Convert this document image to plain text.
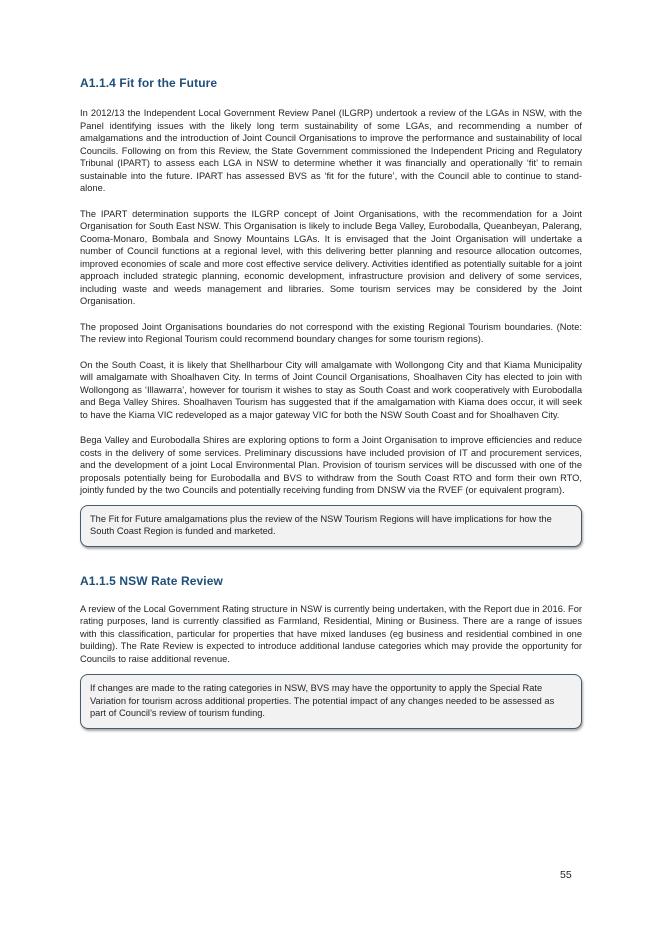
A1.1.4 Fit for the Future

In 2012/13 the Independent Local Government Review Panel (ILGRP) undertook a review of the LGAs in NSW, with the Panel identifying issues with the likely long term sustainability of some LGAs, and recommending a number of amalgamations and the introduction of Joint Council Organisations to improve the performance and sustainability of local Councils. Following on from this Review, the State Government commissioned the Independent Pricing and Regulatory Tribunal (IPART) to assess each LGA in NSW to determine whether it was financially and operationally ‘fit’ to remain sustainable into the future. IPART has assessed BVS as ‘fit for the future’, with the Council able to continue to stand-alone.

The IPART determination supports the ILGRP concept of Joint Organisations, with the recommendation for a Joint Organisation for South East NSW. This Organisation is likely to include Bega Valley, Eurobodalla, Queanbeyan, Palerang, Cooma-Monaro, Bombala and Snowy Mountains LGAs. It is envisaged that the Joint Organisation will undertake a number of Council functions at a regional level, with this delivering better planning and resource allocation outcomes, improved economies of scale and more cost effective service delivery. Activities identified as potentially suitable for a joint approach included strategic planning, economic development, infrastructure provision and delivery of some services, including waste and weeds management and libraries. Some tourism services may be considered by the Joint Organisation.

The proposed Joint Organisations boundaries do not correspond with the existing Regional Tourism boundaries. (Note: The review into Regional Tourism could recommend boundary changes for some tourism regions).

On the South Coast, it is likely that Shellharbour City will amalgamate with Wollongong City and that Kiama Municipality will amalgamate with Shoalhaven City. In terms of Joint Council Organisations, Shoalhaven City has elected to join with Wollongong as ‘Illawarra’, however for tourism it wishes to stay as South Coast and work cooperatively with Eurobodalla and Bega Valley Shires. Shoalhaven Tourism has suggested that if the amalgamation with Kiama does occur, it will seek to have the Kiama VIC redeveloped as a major gateway VIC for both the NSW South Coast and for Shoalhaven City.

Bega Valley and Eurobodalla Shires are exploring options to form a Joint Organisation to improve efficiencies and reduce costs in the delivery of some services. Preliminary discussions have included provision of IT and procurement services, and the development of a joint Local Environmental Plan. Provision of tourism services will be discussed with one of the proposals potentially being for Eurobodalla and BVS to withdraw from the South Coast RTO and form their own RTO, jointly funded by the two Councils and potentially receiving funding from DNSW via the RVEF (or equivalent program).

The Fit for Future amalgamations plus the review of the NSW Tourism Regions will have implications for how the South Coast Region is funded and marketed.

A1.1.5 NSW Rate Review

A review of the Local Government Rating structure in NSW is currently being undertaken, with the Report due in 2016. For rating purposes, land is currently classified as Farmland, Residential, Mining or Business. There are a range of issues with this classification, particular for properties that have mixed landuses (eg business and residential combined in one building). The Rate Review is expected to introduce additional landuse categories which may provide the opportunity for Councils to raise additional revenue.

If changes are made to the rating categories in NSW, BVS may have the opportunity to apply the Special Rate Variation for tourism across additional properties. The potential impact of any changes needed to be assessed as part of Council’s review of tourism funding.

55
